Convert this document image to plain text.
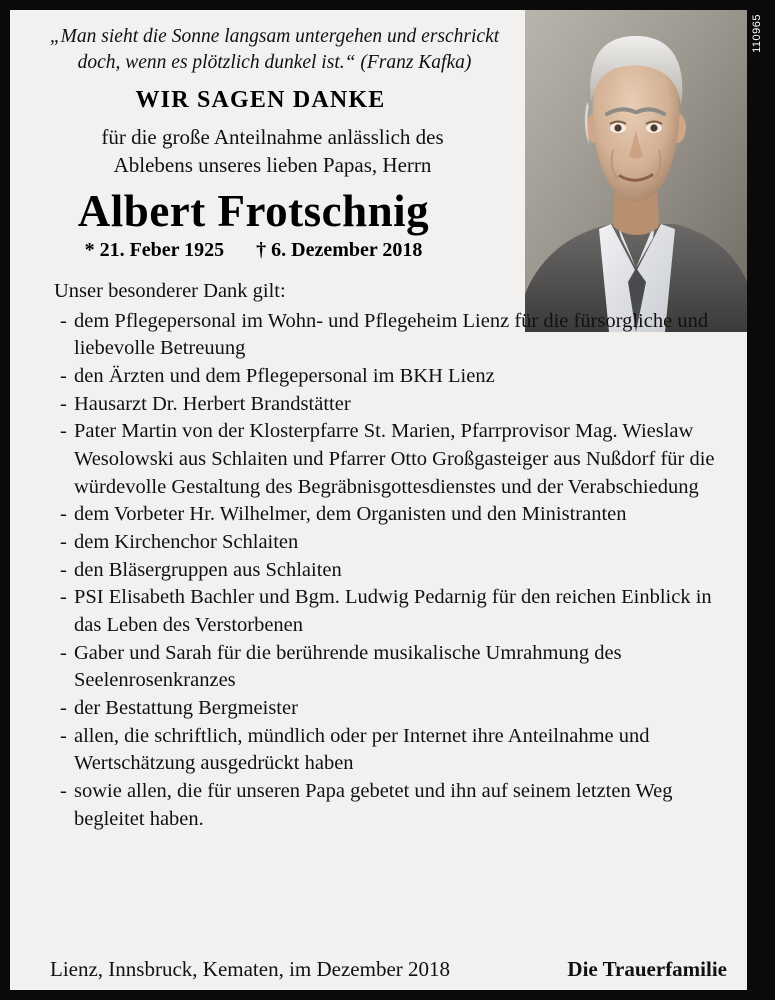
110965
„Man sieht die Sonne langsam untergehen und erschrickt
doch, wenn es plötzlich dunkel ist.“ (Franz Kafka)
WIR SAGEN DANKE
für die große Anteilnahme anlässlich des
Ablebens unseres lieben Papas, Herrn
Albert Frotschnig
* 21. Feber 1925 † 6. Dezember 2018
Unser besonderer Dank gilt:
- dem Pflegepersonal im Wohn- und Pflegeheim Lienz für die fürsorgliche und liebevolle Betreuung
- den Ärzten und dem Pflegepersonal im BKH Lienz
- Hausarzt Dr. Herbert Brandstätter
- Pater Martin von der Klosterpfarre St. Marien, Pfarrprovisor Mag. Wieslaw Wesolowski aus Schlaiten und Pfarrer Otto Großgasteiger aus Nußdorf für die würdevolle Gestaltung des Begräbnisgottesdienstes und der Verabschiedung
- dem Vorbeter Hr. Wilhelmer, dem Organisten und den Ministranten
- dem Kirchenchor Schlaiten
- den Bläsergruppen aus Schlaiten
- PSI Elisabeth Bachler und Bgm. Ludwig Pedarnig für den reichen Einblick in das Leben des Verstorbenen
- Gaber und Sarah für die berührende musikalische Umrahmung des Seelenrosenkranzes
- der Bestattung Bergmeister
- allen, die schriftlich, mündlich oder per Internet ihre Anteilnahme und Wertschätzung ausgedrückt haben
- sowie allen, die für unseren Papa gebetet und ihn auf seinem letzten Weg begleitet haben.
Lienz, Innsbruck, Kematen, im Dezember 2018	Die Trauerfamilie
